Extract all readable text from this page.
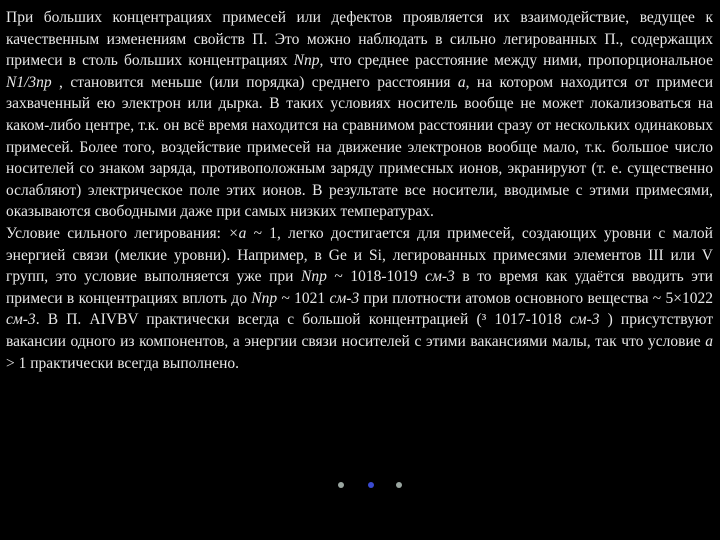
При больших концентрациях примесей или дефектов проявляется их взаимодействие, ведущее к качественным изменениям свойств П. Это можно наблюдать в сильно легированных П., содержащих примеси в столь больших концентрациях Nпр, что среднее расстояние между ними, пропорциональное N1/3пр , становится меньше (или порядка) среднего расстояния а, на котором находится от примеси захваченный ею электрон или дырка. В таких условиях носитель вообще не может локализоваться на каком-либо центре, т.к. он всё время находится на сравнимом расстоянии сразу от нескольких одинаковых примесей. Более того, воздействие примесей на движение электронов вообще мало, т.к. большое число носителей со знаком заряда, противоположным заряду примесных ионов, экранируют (т. е. существенно ослабляют) электрическое поле этих ионов. В результате все носители, вводимые с этими примесями, оказываются свободными даже при самых низких температурах.

Условие сильного легирования: ×а ~ 1, легко достигается для примесей, создающих уровни с малой энергией связи (мелкие уровни). Например, в Ge и Si, легированных примесями элементов III или V групп, это условие выполняется уже при Nпр ~ 1018-1019 см-3 в то время как удаётся вводить эти примеси в концентрациях вплоть до Nпр ~ 1021 см-3 при плотности атомов основного вещества ~ 5×1022 см-3. В П. AIVBV практически всегда с большой концентрацией (³ 1017-1018 см-3 ) присутствуют вакансии одного из компонентов, а энергии связи носителей с этими вакансиями малы, так что условие а > 1 практически всегда выполнено.
